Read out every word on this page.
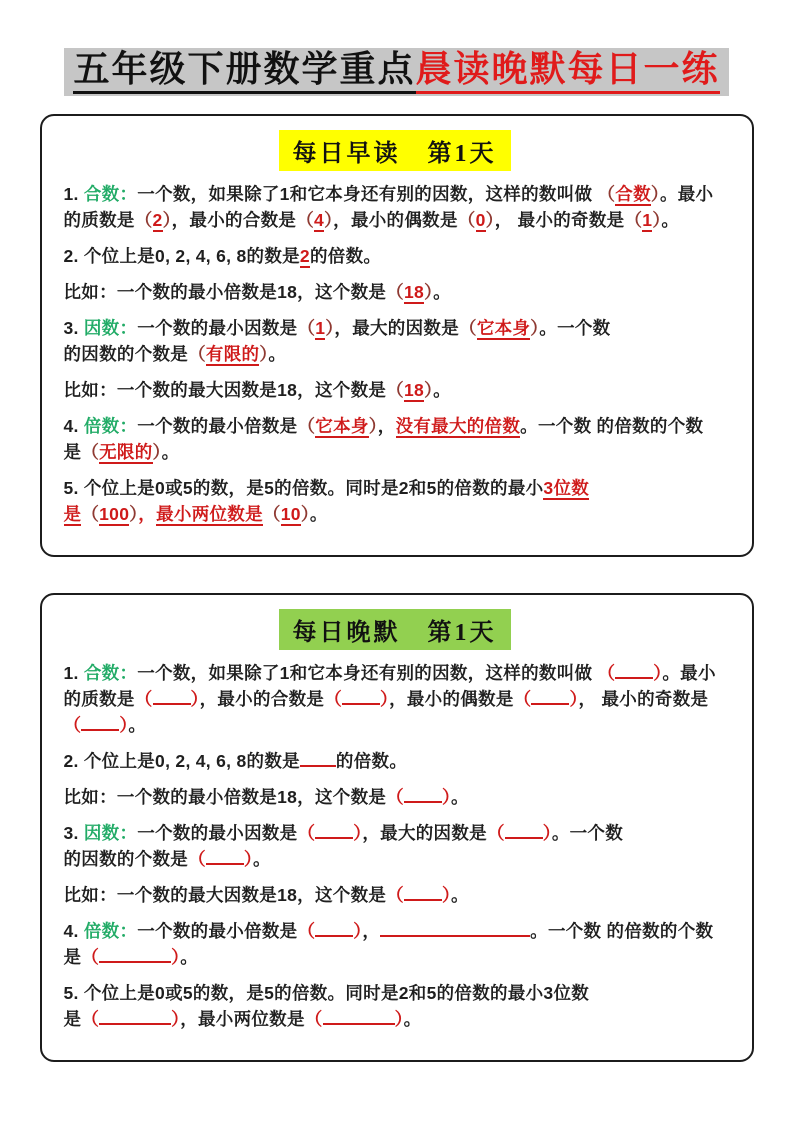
五年级下册数学重点 晨读晚默每日一练
每日早读　第1天

1. 合数：一个数，如果除了1和它本身还有别的因数，这样的数叫做 （合数）。最小
的质数是（2），最小的合数是（4），最小的偶数是（0）， 最小的奇数是（1）。

2. 个位上是0, 2, 4, 6, 8的数是2的倍数。

比如：一个数的最小倍数是18，这个数是（18）。

3. 因数：一个数的最小因数是（1），最大的因数是（它本身）。一个数
的因数的个数是（有限的）。

比如：一个数的最大因数是18，这个数是（18）。

4. 倍数：一个数的最小倍数是（它本身），没有最大的倍数。一个数 的倍数的个数
是（无限的）。

5. 个位上是0或5的数，是5的倍数。同时是2和5的倍数的最小3位数
是（100），最小两位数是（10）。

每日晚默　第1天

1. 合数：一个数，如果除了1和它本身还有别的因数，这样的数叫做 （ ）。最小
的质数是（ ），最小的合数是（ ），最小的偶数是（ ）， 最小的奇数是
（ ）。

2. 个位上是0, 2, 4, 6, 8的数是 的倍数。

比如：一个数的最小倍数是18，这个数是（ ）。

3. 因数：一个数的最小因数是（ ），最大的因数是（ ）。一个数
的因数的个数是（ ）。

比如：一个数的最大因数是18，这个数是（ ）。

4. 倍数：一个数的最小倍数是（ ），	。一个数 的倍数的个数
是（	）。

5. 个位上是0或5的数，是5的倍数。同时是2和5的倍数的最小3位数
是（	），最小两位数是（	）。
